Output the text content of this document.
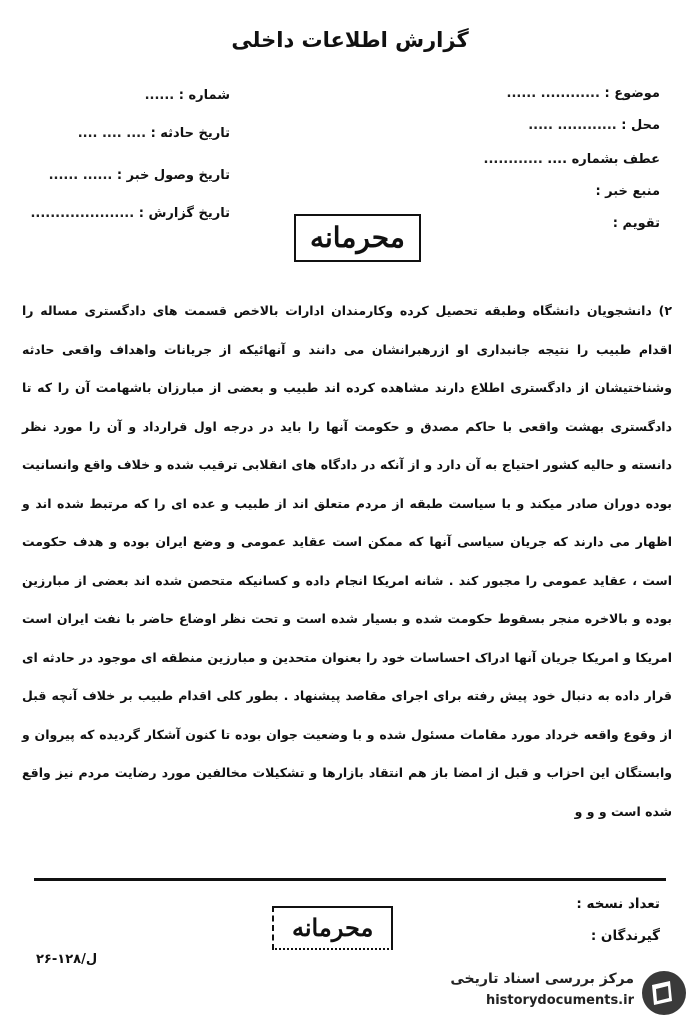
گزارش اطلاعات داخلی
موضوع : ............ ......
محل : ............ .....
عطف بشماره .... ............
منبع خبر :
تقویم :
شماره : ......
تاریخ حادثه : .... .... ....
تاریخ وصول خبر : ...... ......
تاریخ گزارش : .....................
محرمانه
۲) دانشجویان دانشگاه وطبقه تحصیل کرده وکارمندان ادارات بالاخص قسمت های دادگستری مساله را اقدام طبیب را نتیجه جانبداری او ازرهبرانشان می دانند و آنهائیکه از جریانات واهداف واقعی حادثه وشناختیشان از دادگستری اطلاع دارند مشاهده کرده اند طبیب و بعضی از مبارزان باشهامت آن را که تا دادگستری بهشت واقعی با حاکم مصدق و حکومت آنها را باید در درجه اول قرارداد و آن را مورد نظر دانسته و حالیه کشور احتیاج به آن دارد و از آنکه در دادگاه های انقلابی ترقیب شده و خلاف واقع وانسانیت بوده دوران صادر میکند و با سیاست طبقه از مردم متعلق اند از طبیب و عده ای را که مرتبط شده اند و اظهار می دارند که جریان سیاسی آنها که ممکن است عقاید عمومی و وضع ایران بوده و هدف حکومت است ، عقاید عمومی را مجبور کند . شانه امریکا انجام داده و کسانیکه متحصن شده اند بعضی از مبارزین بوده و بالاخره منجر بسقوط حکومت شده و بسیار شده است و تحت نظر اوضاع حاضر با نفت ایران است امریکا و امریکا جریان آنها ادراک احساسات خود را بعنوان متحدین و مبارزین منطقه ای موجود در حادثه ای قرار داده به دنبال خود پیش رفته برای اجرای مقاصد پیشنهاد . بطور کلی اقدام طبیب بر خلاف آنچه قبل از وقوع واقعه خرداد مورد مقامات مسئول شده و با وضعیت جوان بوده تا کنون آشکار گردیده که پیروان و وابستگان این احزاب و قبل از امضا باز هم انتقاد بازارها و تشکیلات مخالفین مورد رضایت مردم نیز واقع شده است و و و
تعداد نسخه :
گیرندگان :
محرمانه
ل/۱۲۸-۲۶
مرکز بررسی اسناد تاریخی
historydocuments.ir
